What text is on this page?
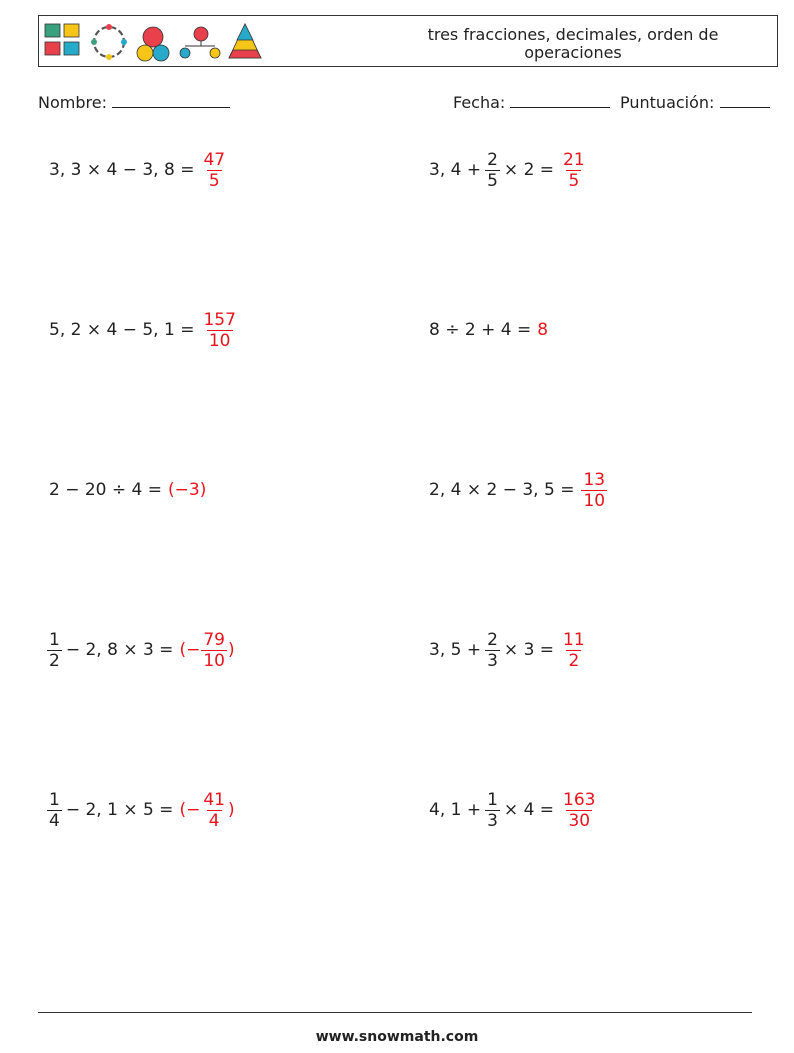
tres fracciones, decimales, orden de operaciones
Nombre:	Fecha:	Puntuación:
3, 3 × 4 − 3, $8 = \frac{47}{5}$	3, $4 + \frac{2}{5} \times 2 = \frac{21}{5}$
5, 2 × 4 − 5, $1 = \frac{157}{10}$	8 ÷ 2 + 4 = 8
2 − 20 ÷ 4 = (−3)	2, 4 × 2 − 3, $5 = \frac{13}{10}$
$\frac{1}{2} - 2$, 8 × 3 = (− $\frac{79}{10}$ )	3, $5 + \frac{2}{3} \times 3 = \frac{11}{2}$
$\frac{1}{4} - 2$, 1 × 5 = (− $\frac{41}{4}$ )	4, $1 + \frac{1}{3} \times 4 = \frac{163}{30}$
www.snowmath.com
